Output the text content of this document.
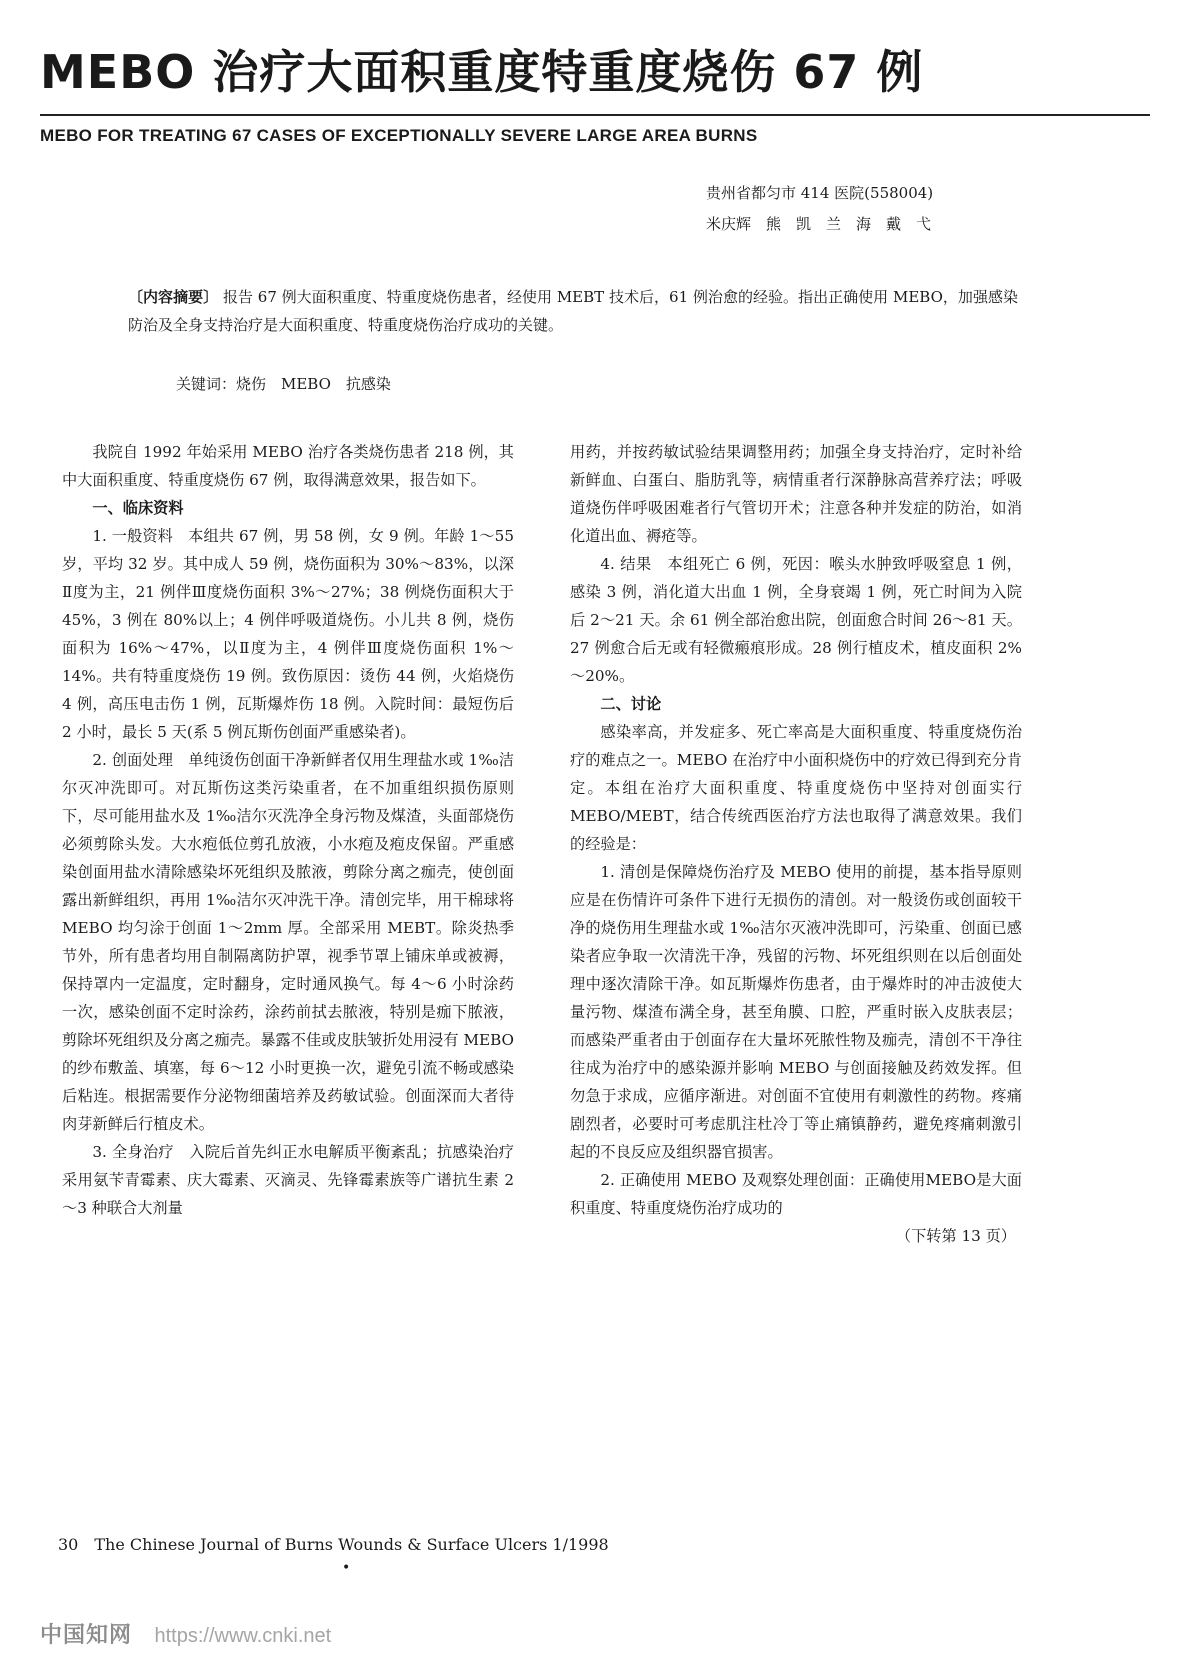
MEBO 治疗大面积重度特重度烧伤 67 例
MEBO FOR TREATING 67 CASES OF EXCEPTIONALLY SEVERE LARGE AREA BURNS
贵州省都匀市 414 医院(558004)
米庆辉　熊　凯　兰　海　戴　弋
〔内容摘要〕 报告 67 例大面积重度、特重度烧伤患者，经使用 MEBT 技术后，61 例治愈的经验。指出正确使用 MEBO，加强感染防治及全身支持治疗是大面积重度、特重度烧伤治疗成功的关键。
关键词：烧伤　MEBO　抗感染

我院自 1992 年始采用 MEBO 治疗各类烧伤患者 218 例，其中大面积重度、特重度烧伤 67 例，取得满意效果，报告如下。

一、临床资料

1. 一般资料　本组共 67 例，男 58 例，女 9 例。年龄 1～55 岁，平均 32 岁。其中成人 59 例，烧伤面积为 30%～83%，以深Ⅱ度为主，21 例伴Ⅲ度烧伤面积 3%～27%；38 例烧伤面积大于 45%，3 例在 80%以上；4 例伴呼吸道烧伤。小儿共 8 例，烧伤面积为 16%～47%，以Ⅱ度为主，4 例伴Ⅲ度烧伤面积 1%～14%。共有特重度烧伤 19 例。致伤原因：烫伤 44 例，火焰烧伤 4 例，高压电击伤 1 例，瓦斯爆炸伤 18 例。入院时间：最短伤后 2 小时，最长 5 天(系 5 例瓦斯伤创面严重感染者)。

2. 创面处理　单纯烫伤创面干净新鲜者仅用生理盐水或 1‰洁尔灭冲洗即可。对瓦斯伤这类污染重者，在不加重组织损伤原则下，尽可能用盐水及 1‰洁尔灭洗净全身污物及煤渣，头面部烧伤必须剪除头发。大水疱低位剪孔放液，小水疱及疱皮保留。严重感染创面用盐水清除感染坏死组织及脓液，剪除分离之痂壳，使创面露出新鲜组织，再用 1‰洁尔灭冲洗干净。清创完毕，用干棉球将 MEBO 均匀涂于创面 1～2mm 厚。全部采用 MEBT。除炎热季节外，所有患者均用自制隔离防护罩，视季节罩上铺床单或被褥，保持罩内一定温度，定时翻身，定时通风换气。每 4～6 小时涂药一次，感染创面不定时涂药，涂药前拭去脓液，特别是痂下脓液，剪除坏死组织及分离之痂壳。暴露不佳或皮肤皱折处用浸有 MEBO 的纱布敷盖、填塞，每 6～12 小时更换一次，避免引流不畅或感染后粘连。根据需要作分泌物细菌培养及药敏试验。创面深而大者待肉芽新鲜后行植皮术。

3. 全身治疗　入院后首先纠正水电解质平衡紊乱；抗感染治疗采用氨苄青霉素、庆大霉素、灭滴灵、先锋霉素族等广谱抗生素 2～3 种联合大剂量

用药，并按药敏试验结果调整用药；加强全身支持治疗，定时补给新鲜血、白蛋白、脂肪乳等，病情重者行深静脉高营养疗法；呼吸道烧伤伴呼吸困难者行气管切开术；注意各种并发症的防治，如消化道出血、褥疮等。

4. 结果　本组死亡 6 例，死因：喉头水肿致呼吸窒息 1 例，感染 3 例，消化道大出血 1 例，全身衰竭 1 例，死亡时间为入院后 2～21 天。余 61 例全部治愈出院，创面愈合时间 26～81 天。27 例愈合后无或有轻微瘢痕形成。28 例行植皮术，植皮面积 2%～20%。

二、讨论

感染率高，并发症多、死亡率高是大面积重度、特重度烧伤治疗的难点之一。MEBO 在治疗中小面积烧伤中的疗效已得到充分肯定。本组在治疗大面积重度、特重度烧伤中坚持对创面实行 MEBO/MEBT，结合传统西医治疗方法也取得了满意效果。我们的经验是：

1. 清创是保障烧伤治疗及 MEBO 使用的前提，基本指导原则应是在伤情许可条件下进行无损伤的清创。对一般烫伤或创面较干净的烧伤用生理盐水或 1‰洁尔灭液冲洗即可，污染重、创面已感染者应争取一次清洗干净，残留的污物、坏死组织则在以后创面处理中逐次清除干净。如瓦斯爆炸伤患者，由于爆炸时的冲击波使大量污物、煤渣布满全身，甚至角膜、口腔，严重时嵌入皮肤表层；而感染严重者由于创面存在大量坏死脓性物及痂壳，清创不干净往往成为治疗中的感染源并影响 MEBO 与创面接触及药效发挥。但勿急于求成，应循序渐进。对创面不宜使用有刺激性的药物。疼痛剧烈者，必要时可考虑肌注杜冷丁等止痛镇静药，避免疼痛刺激引起的不良反应及组织器官损害。

2. 正确使用 MEBO 及观察处理创面：正确使用MEBO是大面积重度、特重度烧伤治疗成功的

（下转第 13 页）
30　The Chinese Journal of Burns Wounds & Surface Ulcers 1/1998
•
中国知网 https://www.cnki.net
